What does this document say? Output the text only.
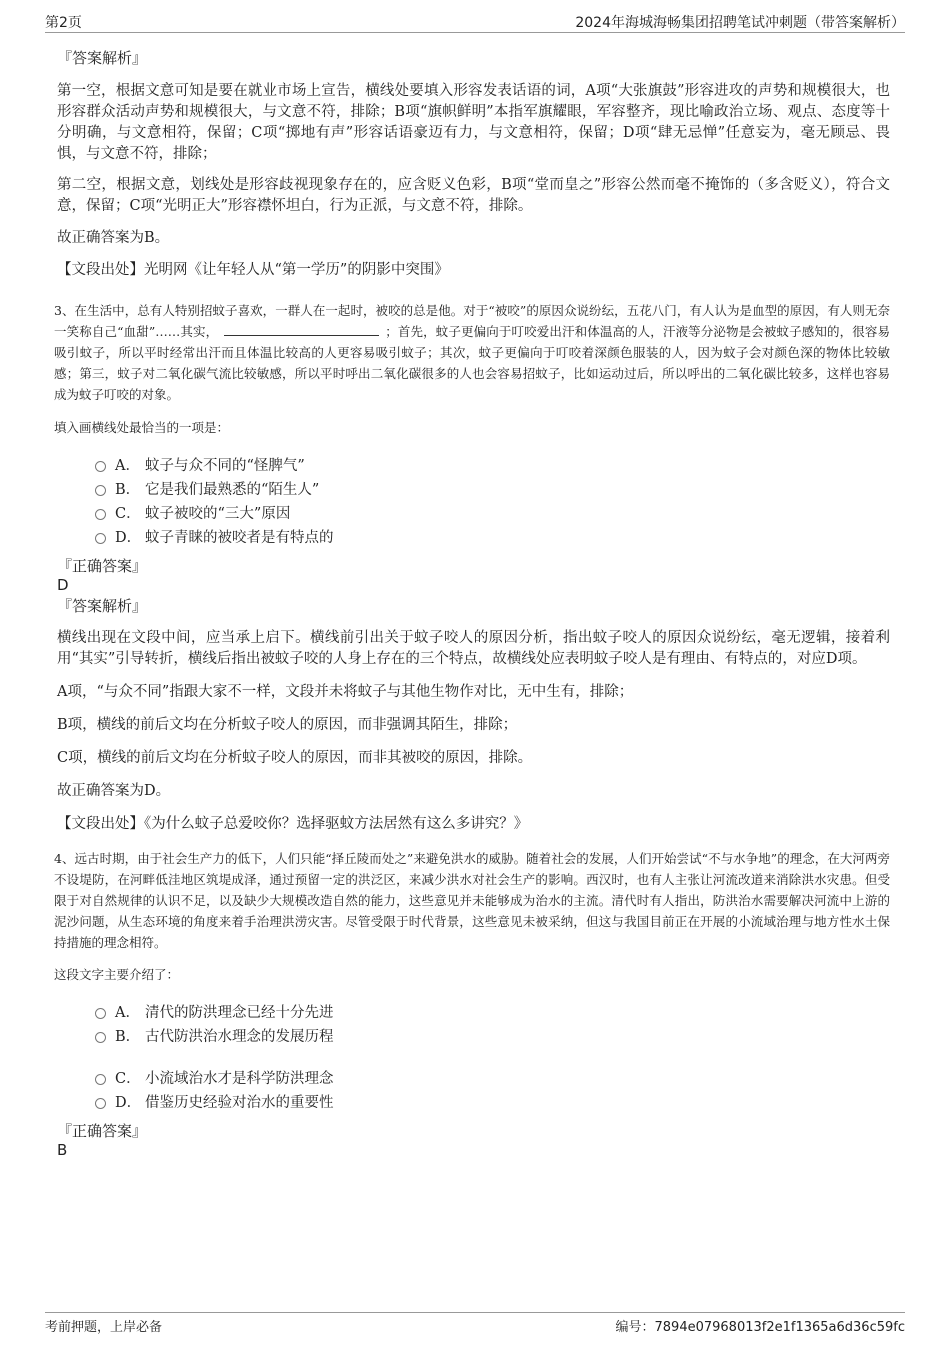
第2页	2024年海城海畅集团招聘笔试冲刺题（带答案解析）

『答案解析』

第一空，根据文意可知是要在就业市场上宣告，横线处要填入形容发表话语的词，A项“大张旗鼓”形容进攻的声势和规模很大，也形容群众活动声势和规模很大，与文意不符，排除；B项“旗帜鲜明”本指军旗耀眼，军容整齐，现比喻政治立场、观点、态度等十分明确，与文意相符，保留；C项“掷地有声”形容话语豪迈有力，与文意相符，保留；D项“肆无忌惮”任意妄为，毫无顾忌、畏惧，与文意不符，排除；

第二空，根据文意，划线处是形容歧视现象存在的，应含贬义色彩，B项“堂而皇之”形容公然而毫不掩饰的（多含贬义），符合文意，保留；C项“光明正大”形容襟怀坦白，行为正派，与文意不符，排除。

故正确答案为B。

【文段出处】光明网《让年轻人从“第一学历”的阴影中突围》

3、在生活中，总有人特别招蚊子喜欢，一群人在一起时，被咬的总是他。对于“被咬”的原因众说纷纭，五花八门，有人认为是血型的原因，有人则无奈一笑称自己“血甜”……其实，	；首先，蚊子更偏向于叮咬爱出汗和体温高的人，汗液等分泌物是会被蚊子感知的，很容易吸引蚊子，所以平时经常出汗而且体温比较高的人更容易吸引蚊子；其次，蚊子更偏向于叮咬着深颜色服装的人，因为蚊子会对颜色深的物体比较敏感；第三，蚊子对二氧化碳气流比较敏感，所以平时呼出二氧化碳很多的人也会容易招蚊子，比如运动过后，所以呼出的二氧化碳比较多，这样也容易成为蚊子叮咬的对象。

填入画横线处最恰当的一项是：

A． 蚊子与众不同的“怪脾气”
B． 它是我们最熟悉的“陌生人”
C． 蚊子被咬的“三大”原因
D． 蚊子青睐的被咬者是有特点的

『正确答案』

D

『答案解析』

横线出现在文段中间，应当承上启下。横线前引出关于蚊子咬人的原因分析，指出蚊子咬人的原因众说纷纭，毫无逻辑，接着利用“其实”引导转折，横线后指出被蚊子咬的人身上存在的三个特点，故横线处应表明蚊子咬人是有理由、有特点的，对应D项。

A项，“与众不同”指跟大家不一样，文段并未将蚊子与其他生物作对比，无中生有，排除；

B项，横线的前后文均在分析蚊子咬人的原因，而非强调其陌生，排除；

C项，横线的前后文均在分析蚊子咬人的原因，而非其被咬的原因，排除。

故正确答案为D。

【文段出处】《为什么蚊子总爱咬你？选择驱蚊方法居然有这么多讲究？》

4、远古时期，由于社会生产力的低下，人们只能“择丘陵而处之”来避免洪水的威胁。随着社会的发展，人们开始尝试“不与水争地”的理念，在大河两旁不设堤防，在河畔低洼地区筑堤成泽，通过预留一定的洪泛区，来减少洪水对社会生产的影响。西汉时，也有人主张让河流改道来消除洪水灾患。但受限于对自然规律的认识不足，以及缺少大规模改造自然的能力，这些意见并未能够成为治水的主流。清代时有人指出，防洪治水需要解决河流中上游的泥沙问题，从生态环境的角度来着手治理洪涝灾害。尽管受限于时代背景，这些意见未被采纳，但这与我国目前正在开展的小流域治理与地方性水土保持措施的理念相符。

这段文字主要介绍了：

A． 清代的防洪理念已经十分先进
B． 古代防洪治水理念的发展历程
C． 小流域治水才是科学防洪理念
D． 借鉴历史经验对治水的重要性

『正确答案』

B

考前押题，上岸必备	编号：7894e07968013f2e1f1365a6d36c59fc
